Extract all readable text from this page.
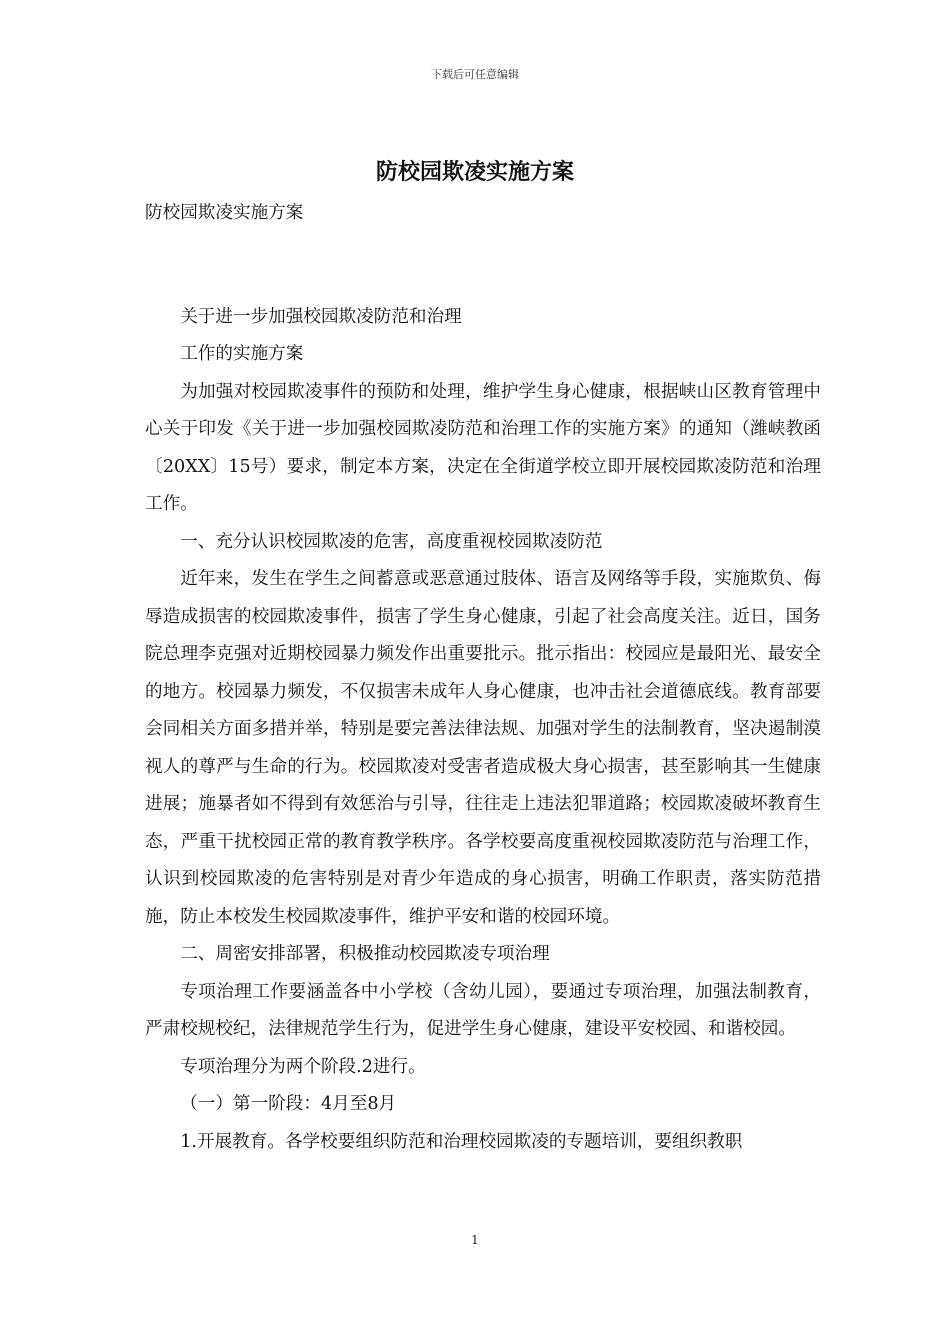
下载后可任意编辑
防校园欺凌实施方案

防校园欺凌实施方案

关于进一步加强校园欺凌防范和治理

工作的实施方案

为加强对校园欺凌事件的预防和处理，维护学生身心健康，根据峡山区教育管理中心关于印发《关于进一步加强校园欺凌防范和治理工作的实施方案》的通知（潍峡教函〔20XX〕15号）要求，制定本方案，决定在全街道学校立即开展校园欺凌防范和治理工作。

一、充分认识校园欺凌的危害，高度重视校园欺凌防范

近年来，发生在学生之间蓄意或恶意通过肢体、语言及网络等手段，实施欺负、侮辱造成损害的校园欺凌事件，损害了学生身心健康，引起了社会高度关注。近日，国务院总理李克强对近期校园暴力频发作出重要批示。批示指出：校园应是最阳光、最安全的地方。校园暴力频发，不仅损害未成年人身心健康，也冲击社会道德底线。教育部要会同相关方面多措并举，特别是要完善法律法规、加强对学生的法制教育，坚决遏制漠视人的尊严与生命的行为。校园欺凌对受害者造成极大身心损害，甚至影响其一生健康进展；施暴者如不得到有效惩治与引导，往往走上违法犯罪道路；校园欺凌破坏教育生态，严重干扰校园正常的教育教学秩序。各学校要高度重视校园欺凌防范与治理工作，认识到校园欺凌的危害特别是对青少年造成的身心损害，明确工作职责，落实防范措施，防止本校发生校园欺凌事件，维护平安和谐的校园环境。

二、周密安排部署，积极推动校园欺凌专项治理

专项治理工作要涵盖各中小学校（含幼儿园），要通过专项治理，加强法制教育，严肃校规校纪，法律规范学生行为，促进学生身心健康，建设平安校园、和谐校园。

专项治理分为两个阶段.2进行。

（一）第一阶段：4月至8月

1.开展教育。各学校要组织防范和治理校园欺凌的专题培训，要组织教职

1
